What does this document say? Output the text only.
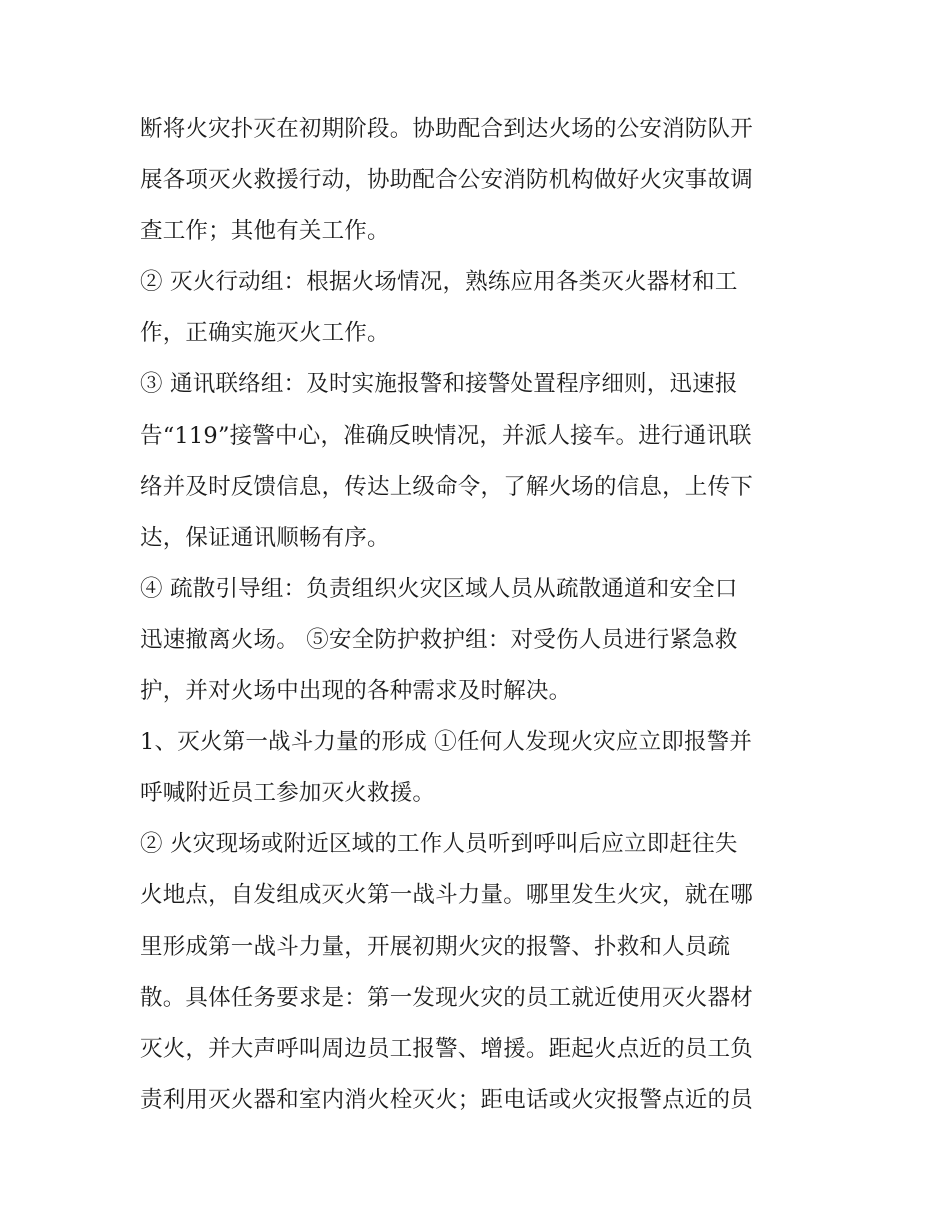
断将火灾扑灭在初期阶段。协助配合到达火场的公安消防队开
展各项灭火救援行动，协助配合公安消防机构做好火灾事故调
查工作；其他有关工作。
② 灭火行动组：根据火场情况，熟练应用各类灭火器材和工
作，正确实施灭火工作。
③ 通讯联络组：及时实施报警和接警处置程序细则，迅速报
告“119”接警中心，准确反映情况，并派人接车。进行通讯联
络并及时反馈信息，传达上级命令，了解火场的信息，上传下
达，保证通讯顺畅有序。
④ 疏散引导组：负责组织火灾区域人员从疏散通道和安全口
迅速撤离火场。 ⑤安全防护救护组：对受伤人员进行紧急救
护，并对火场中出现的各种需求及时解决。
1、灭火第一战斗力量的形成 ①任何人发现火灾应立即报警并
呼喊附近员工参加灭火救援。
② 火灾现场或附近区域的工作人员听到呼叫后应立即赶往失
火地点，自发组成灭火第一战斗力量。哪里发生火灾，就在哪
里形成第一战斗力量，开展初期火灾的报警、扑救和人员疏
散。具体任务要求是：第一发现火灾的员工就近使用灭火器材
灭火，并大声呼叫周边员工报警、增援。距起火点近的员工负
责利用灭火器和室内消火栓灭火；距电话或火灾报警点近的员
